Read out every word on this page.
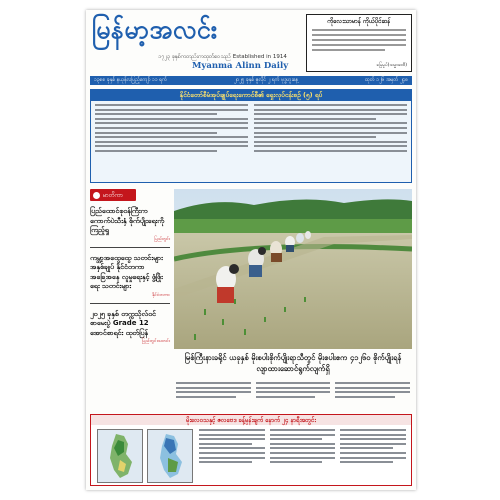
မြန်မာ့အလင်း
၁၇၂၃ ခုနှစ်ကတည်းကထုတ်ဝေသည် Established in 1914
Myanma Alinn Daily
ကိုလေးသာမာန် ကိုယ်ပိုင်ဆန်
မြေမှုပ်(သမ္မာဒေဝီ)
၁၃၈၈ ခုနှစ် နယုန်လပြည့်ကျော် ၁၁ ရက်	၂၀၂၅ ခုနှစ် ဇူလိုင် ၂ ရက် ဗုဒ္ဓဟူးနေ့	ထုတ် ၁၂၆ အမှတ် ၂၄၈
နိုင်ငံတော်စီမံအုပ်ချုပ်ရေးကောင်စီ၏ ရှေးလုပ်ငန်းစဉ် (၅) ရပ်
မာတိကာ
ပြည်ထောင်စုဝန်ကြီးက ကောက်ပဲသီးနှံ စိုက်ပျိုးရေးကို ကြည့်ရှု
ပြည်တွင်း
ကမ္ဘာ့အထွေထွေ သတင်းများ အနှစ်ချုပ် နိုင်ငံတကာ အခြေအနေ လူမှုရေးနှင့် ဖွံ့ဖြိုးရေး သတင်းများ
နိုင်ငံတကာ
၂၀၂၅ ခုနှစ် တက္ကသိုလ်ဝင် စာမေးပွဲ Grade 12 အောင်စာရင်း ထုတ်ပြန်
ပြည်တွင်းသတင်း
မြစ်ကြီးနားခရိုင် ယခုနှစ် မိုးစပါးစိုက်ပျိုးရာသီတွင် မိုးစပါးဧက ၄၁၂၆၀ စိုက်ပျိုးရန် လျာထားဆောင်ရွက်လျက်ရှိ
မိုးလေဝသနှင့် ဇလဗေဒ ခန့်မှန်းချက် နောက် ၂၄ နာရီအတွင်း
